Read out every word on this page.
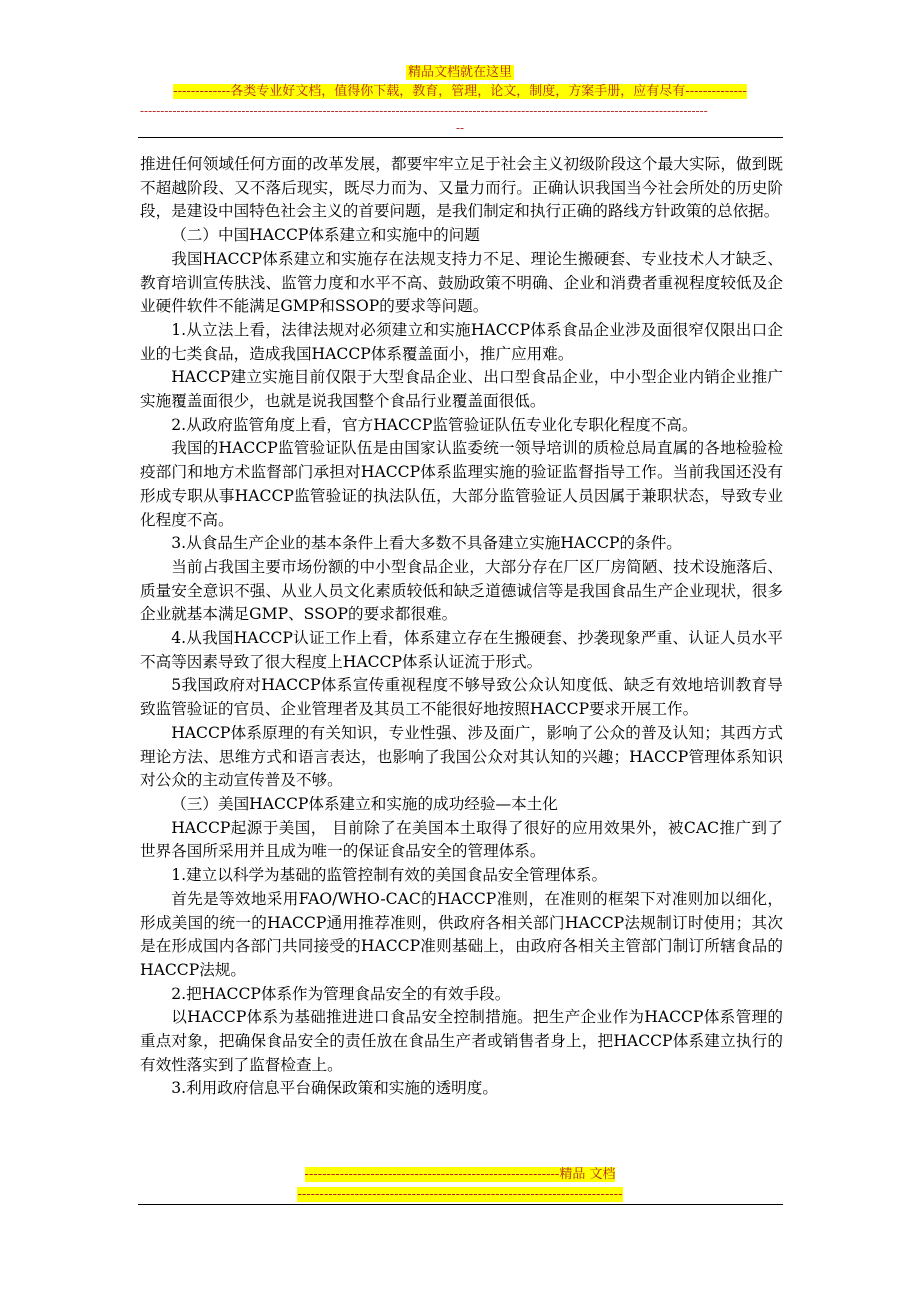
精品文档就在这里
-------------各类专业好文档，值得你下载，教育，管理，论文，制度，方案手册，应有尽有--------------
--------------------------------------------------------------------------------------------------------------------------------------------
--

推进任何领域任何方面的改革发展，都要牢牢立足于社会主义初级阶段这个最大实际，做到既不超越阶段、又不落后现实，既尽力而为、又量力而行。正确认识我国当今社会所处的历史阶段，是建设中国特色社会主义的首要问题，是我们制定和执行正确的路线方针政策的总依据。

（二）中国HACCP体系建立和实施中的问题

我国HACCP体系建立和实施存在法规支持力不足、理论生搬硬套、专业技术人才缺乏、教育培训宣传肤浅、监管力度和水平不高、鼓励政策不明确、企业和消费者重视程度较低及企业硬件软件不能满足GMP和SSOP的要求等问题。

1.从立法上看，法律法规对必须建立和实施HACCP体系食品企业涉及面很窄仅限出口企业的七类食品，造成我国HACCP体系覆盖面小，推广应用难。

HACCP建立实施目前仅限于大型食品企业、出口型食品企业，中小型企业内销企业推广实施覆盖面很少，也就是说我国整个食品行业覆盖面很低。

2.从政府监管角度上看，官方HACCP监管验证队伍专业化专职化程度不高。

我国的HACCP监管验证队伍是由国家认监委统一领导培训的质检总局直属的各地检验检疫部门和地方术监督部门承担对HACCP体系监理实施的验证监督指导工作。当前我国还没有形成专职从事HACCP监管验证的执法队伍，大部分监管验证人员因属于兼职状态，导致专业化程度不高。

3.从食品生产企业的基本条件上看大多数不具备建立实施HACCP的条件。

当前占我国主要市场份额的中小型食品企业，大部分存在厂区厂房简陋、技术设施落后、质量安全意识不强、从业人员文化素质较低和缺乏道德诚信等是我国食品生产企业现状，很多企业就基本满足GMP、SSOP的要求都很难。

4.从我国HACCP认证工作上看，体系建立存在生搬硬套、抄袭现象严重、认证人员水平不高等因素导致了很大程度上HACCP体系认证流于形式。

5我国政府对HACCP体系宣传重视程度不够导致公众认知度低、缺乏有效地培训教育导致监管验证的官员、企业管理者及其员工不能很好地按照HACCP要求开展工作。

HACCP体系原理的有关知识，专业性强、涉及面广，影响了公众的普及认知；其西方式理论方法、思维方式和语言表达，也影响了我国公众对其认知的兴趣；HACCP管理体系知识对公众的主动宣传普及不够。

（三）美国HACCP体系建立和实施的成功经验—本土化

HACCP起源于美国， 目前除了在美国本土取得了很好的应用效果外，被CAC推广到了世界各国所采用并且成为唯一的保证食品安全的管理体系。

1.建立以科学为基础的监管控制有效的美国食品安全管理体系。

首先是等效地采用FAO/WHO-CAC的HACCP准则，在准则的框架下对准则加以细化，形成美国的统一的HACCP通用推荐准则，供政府各相关部门HACCP法规制订时使用；其次是在形成国内各部门共同接受的HACCP准则基础上，由政府各相关主管部门制订所辖食品的HACCP法规。

2.把HACCP体系作为管理食品安全的有效手段。

以HACCP体系为基础推进进口食品安全控制措施。把生产企业作为HACCP体系管理的重点对象，把确保食品安全的责任放在食品生产者或销售者身上，把HACCP体系建立执行的有效性落实到了监督检查上。

3.利用政府信息平台确保政策和实施的透明度。

----------------------------------------------------------精品 文档
--------------------------------------------------------------------------
